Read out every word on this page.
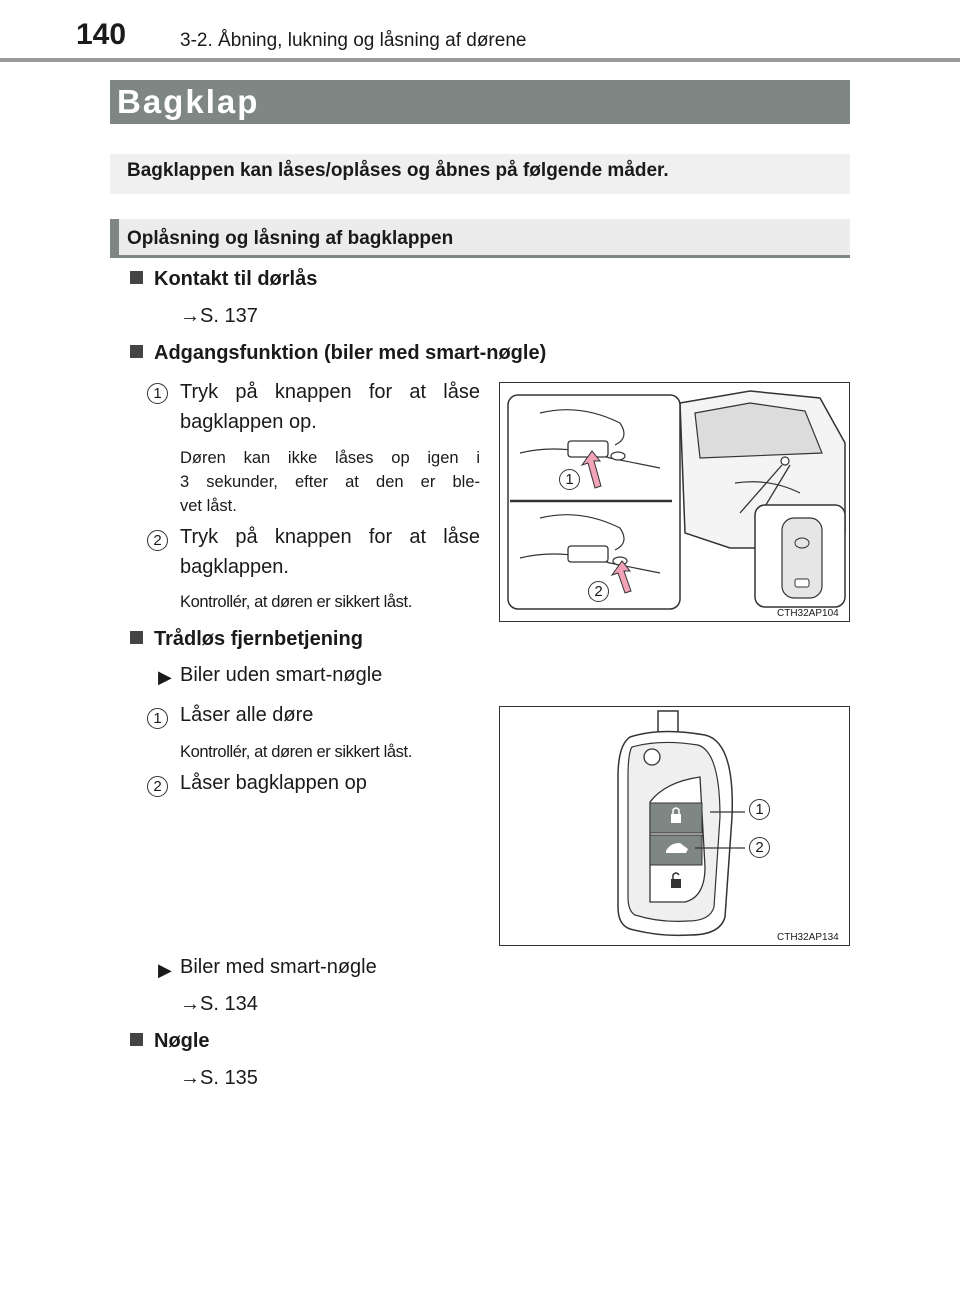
140	3-2. Åbning, lukning og låsning af dørene
Bagklap
Bagklappen kan låses/oplåses og åbnes på følgende måder.
Oplåsning og låsning af bagklappen
Kontakt til dørlås
→S. 137
Adgangsfunktion (biler med smart-nøgle)
1 Tryk på knappen for at låse
bagklappen op.
Døren kan ikke låses op igen i
3 sekunder, efter at den er ble-
vet låst.
2 Tryk på knappen for at låse
bagklappen.
Kontrollér, at døren er sikkert låst.
1
2
CTH32AP104
Trådløs fjernbetjening
▶ Biler uden smart-nøgle
1 Låser alle døre
Kontrollér, at døren er sikkert låst.
2 Låser bagklappen op
1
2
CTH32AP134
▶ Biler med smart-nøgle
→S. 134
Nøgle
→S. 135
